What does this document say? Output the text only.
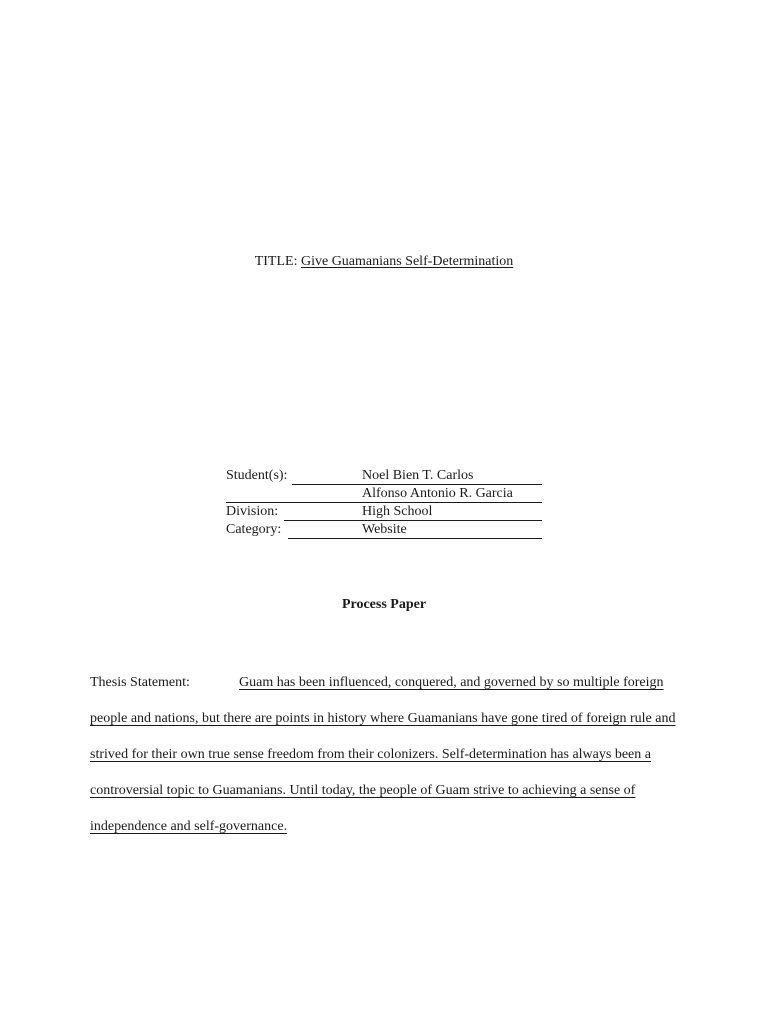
TITLE: Give Guamanians Self-Determination
Student(s):	Noel Bien T. Carlos
Alfonso Antonio R. Garcia
Division:	High School
Category:	Website
Process Paper
Thesis Statement:	Guam has been influenced, conquered, and governed by so multiple foreign people and nations, but there are points in history where Guamanians have gone tired of foreign rule and strived for their own true sense freedom from their colonizers. Self-determination has always been a controversial topic to Guamanians. Until today, the people of Guam strive to achieving a sense of independence and self-governance.
